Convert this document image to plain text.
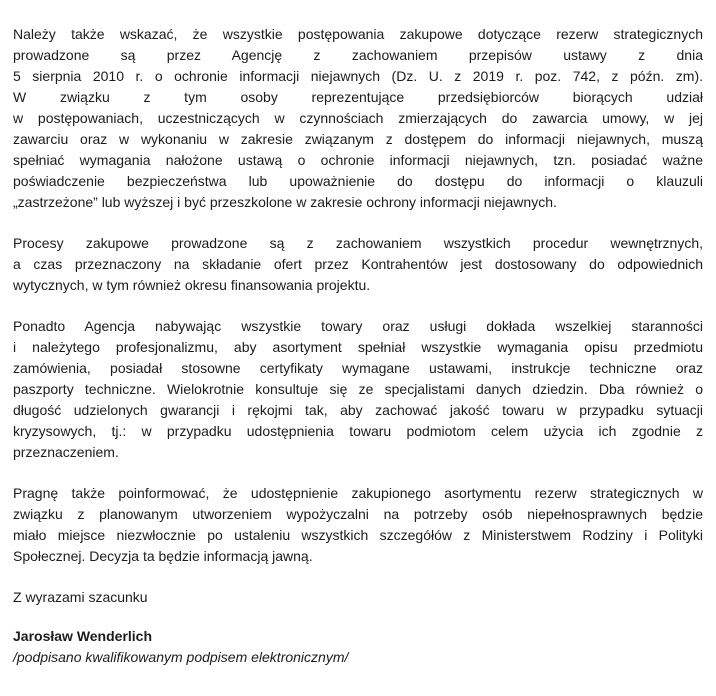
Należy także wskazać, że wszystkie postępowania zakupowe dotyczące rezerw strategicznych
prowadzone są przez Agencję z zachowaniem przepisów ustawy z dnia
5 sierpnia 2010 r. o ochronie informacji niejawnych (Dz. U. z 2019 r. poz. 742, z późn. zm).
W związku z tym osoby reprezentujące przedsiębiorców biorących udział
w postępowaniach, uczestniczących w czynnościach zmierzających do zawarcia umowy, w jej
zawarciu oraz w wykonaniu w zakresie związanym z dostępem do informacji niejawnych, muszą
spełniać wymagania nałożone ustawą o ochronie informacji niejawnych, tzn. posiadać ważne
poświadczenie bezpieczeństwa lub upoważnienie do dostępu do informacji o klauzuli
„zastrzeżone” lub wyższej i być przeszkolone w zakresie ochrony informacji niejawnych.
Procesy zakupowe prowadzone są z zachowaniem wszystkich procedur wewnętrznych,
a czas przeznaczony na składanie ofert przez Kontrahentów jest dostosowany do odpowiednich
wytycznych, w tym również okresu finansowania projektu.
Ponadto Agencja nabywając wszystkie towary oraz usługi dokłada wszelkiej staranności
i należytego profesjonalizmu, aby asortyment spełniał wszystkie wymagania opisu przedmiotu
zamówienia, posiadał stosowne certyfikaty wymagane ustawami, instrukcje techniczne oraz
paszporty techniczne. Wielokrotnie konsultuje się ze specjalistami danych dziedzin. Dba również o
długość udzielonych gwarancji i rękojmi tak, aby zachować jakość towaru w przypadku sytuacji
kryzysowych, tj.: w przypadku udostępnienia towaru podmiotom celem użycia ich zgodnie z
przeznaczeniem.
Pragnę także poinformować, że udostępnienie zakupionego asortymentu rezerw strategicznych w
związku z planowanym utworzeniem wypożyczalni na potrzeby osób niepełnosprawnych będzie
miało miejsce niezwłocznie po ustaleniu wszystkich szczegółów z Ministerstwem Rodziny i Polityki
Społecznej. Decyzja ta będzie informacją jawną.
Z wyrazami szacunku
Jarosław Wenderlich
/podpisano kwalifikowanym podpisem elektronicznym/
